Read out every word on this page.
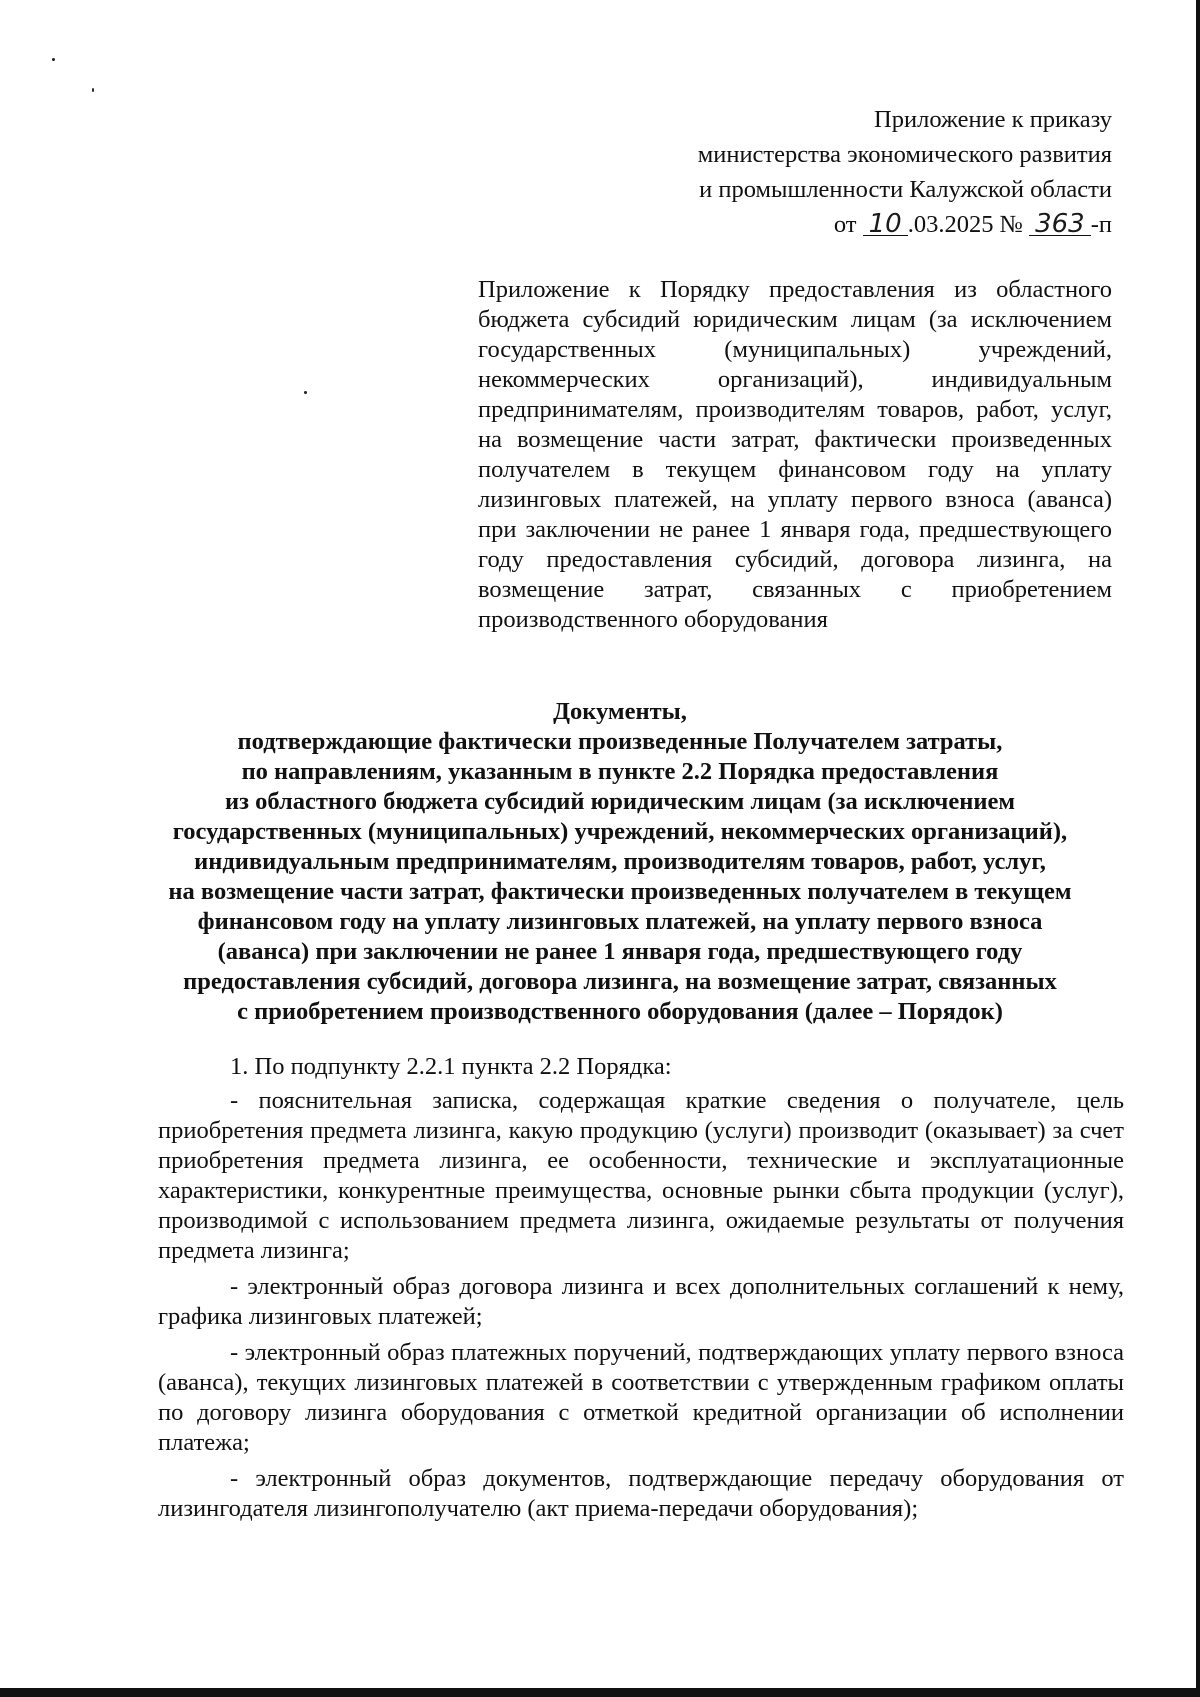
Приложение к приказу
министерства экономического развития
и промышленности Калужской области
от 10 .03.2025 № 363 -п
Приложение к Порядку предоставления из областного бюджета субсидий юридическим лицам (за исключением государственных (муниципальных) учреждений, некоммерческих организаций), индивидуальным предпринимателям, производителям товаров, работ, услуг, на возмещение части затрат, фактически произведенных получателем в текущем финансовом году на уплату лизинговых платежей, на уплату первого взноса (аванса) при заключении не ранее 1 января года, предшествующего году предоставления субсидий, договора лизинга, на возмещение затрат, связанных с приобретением производственного оборудования
Документы,
подтверждающие фактически произведенные Получателем затраты,
по направлениям, указанным в пункте 2.2 Порядка предоставления
из областного бюджета субсидий юридическим лицам (за исключением
государственных (муниципальных) учреждений, некоммерческих организаций),
индивидуальным предпринимателям, производителям товаров, работ, услуг,
на возмещение части затрат, фактически произведенных получателем в текущем
финансовом году на уплату лизинговых платежей, на уплату первого взноса
(аванса) при заключении не ранее 1 января года, предшествующего году
предоставления субсидий, договора лизинга, на возмещение затрат, связанных
с приобретением производственного оборудования (далее – Порядок)

1. По подпункту 2.2.1 пункта 2.2 Порядка:

- пояснительная записка, содержащая краткие сведения о получателе, цель приобретения предмета лизинга, какую продукцию (услуги) производит (оказывает) за счет приобретения предмета лизинга, ее особенности, технические и эксплуатационные характеристики, конкурентные преимущества, основные рынки сбыта продукции (услуг), производимой с использованием предмета лизинга, ожидаемые результаты от получения предмета лизинга;

- электронный образ договора лизинга и всех дополнительных соглашений к нему, графика лизинговых платежей;

- электронный образ платежных поручений, подтверждающих уплату первого взноса (аванса), текущих лизинговых платежей в соответствии с утвержденным графиком оплаты по договору лизинга оборудования с отметкой кредитной организации об исполнении платежа;

- электронный образ документов, подтверждающие передачу оборудования от лизингодателя лизингополучателю (акт приема-передачи оборудования);
